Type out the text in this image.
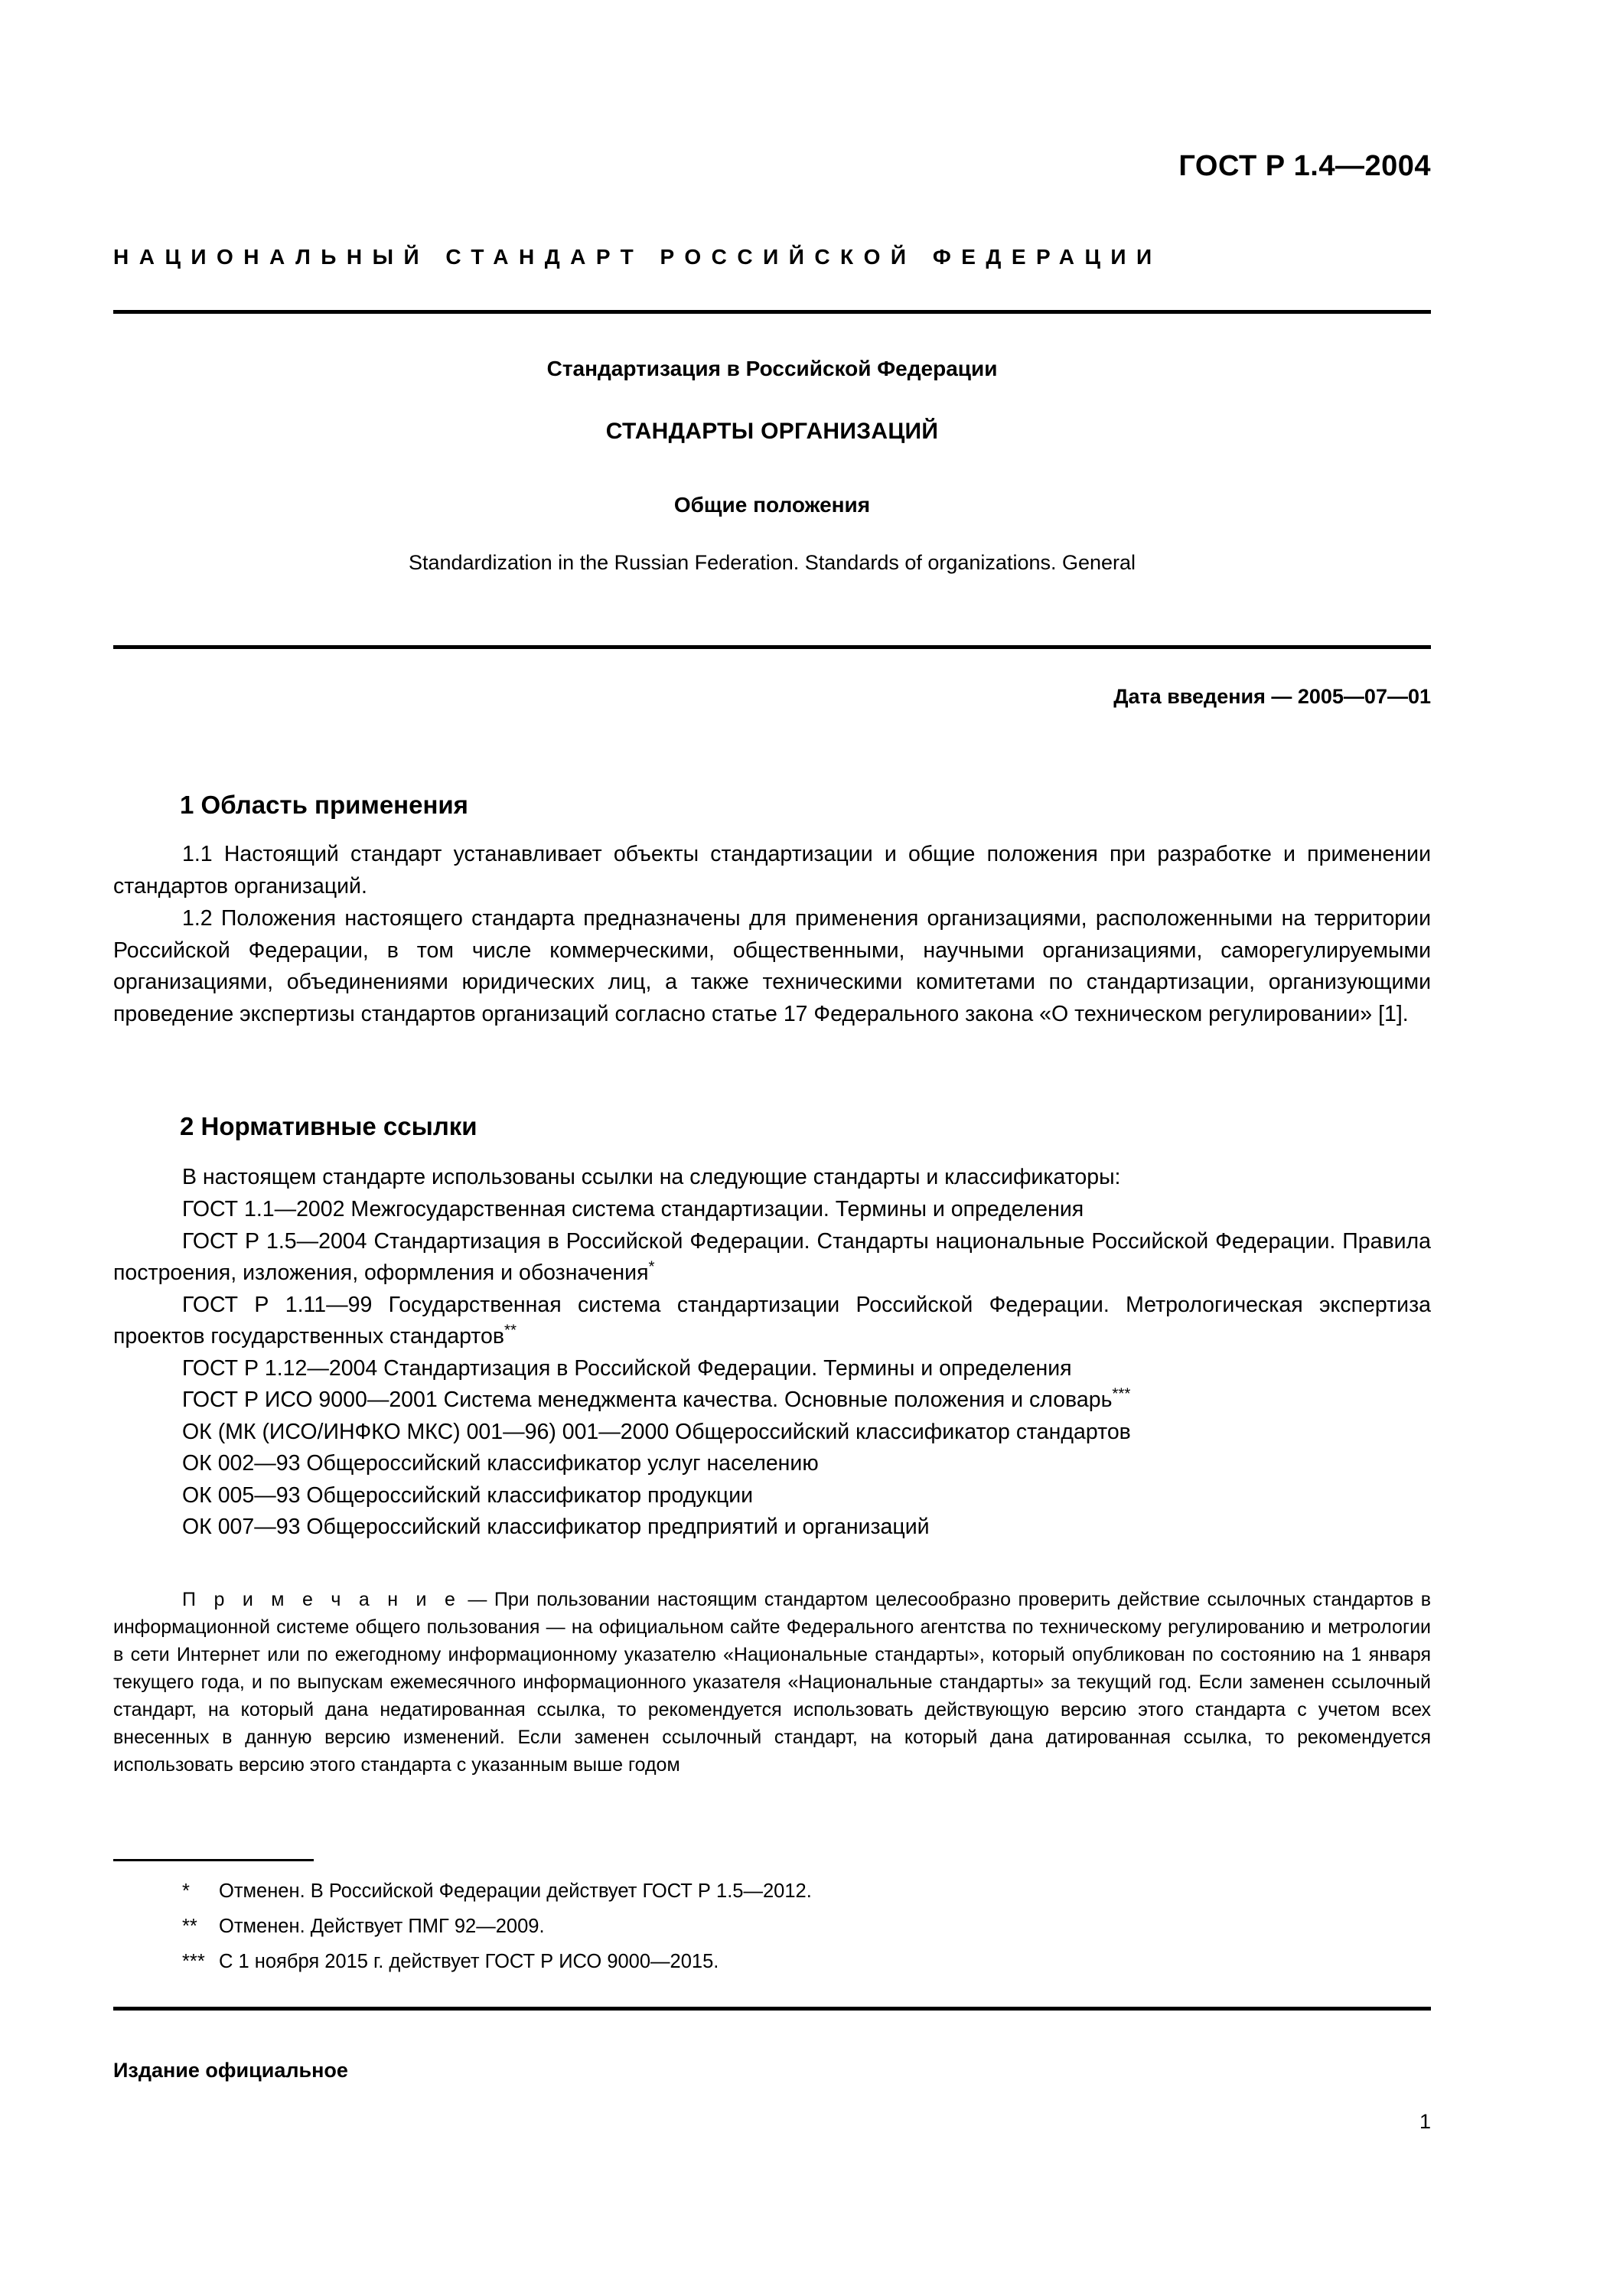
ГОСТ Р 1.4—2004
НАЦИОНАЛЬНЫЙ СТАНДАРТ РОССИЙСКОЙ ФЕДЕРАЦИИ
Стандартизация в Российской Федерации
СТАНДАРТЫ ОРГАНИЗАЦИЙ
Общие положения
Standardization in the Russian Federation. Standards of organizations. General
Дата введения — 2005—07—01
1 Область применения
1.1 Настоящий стандарт устанавливает объекты стандартизации и общие положения при разработке и применении стандартов организаций.
1.2 Положения настоящего стандарта предназначены для применения организациями, расположенными на территории Российской Федерации, в том числе коммерческими, общественными, научными организациями, саморегулируемыми организациями, объединениями юридических лиц, а также техническими комитетами по стандартизации, организующими проведение экспертизы стандартов организаций согласно статье 17 Федерального закона «О техническом регулировании» [1].
2 Нормативные ссылки
В настоящем стандарте использованы ссылки на следующие стандарты и классификаторы:
ГОСТ 1.1—2002 Межгосударственная система стандартизации. Термины и определения
ГОСТ Р 1.5—2004 Стандартизация в Российской Федерации. Стандарты национальные Российской Федерации. Правила построения, изложения, оформления и обозначения*
ГОСТ Р 1.11—99 Государственная система стандартизации Российской Федерации. Метрологическая экспертиза проектов государственных стандартов**
ГОСТ Р 1.12—2004 Стандартизация в Российской Федерации. Термины и определения
ГОСТ Р ИСО 9000—2001 Система менеджмента качества. Основные положения и словарь***
ОК (МК (ИСО/ИНФКО МКС) 001—96) 001—2000 Общероссийский классификатор стандартов
ОК 002—93 Общероссийский классификатор услуг населению
ОК 005—93 Общероссийский классификатор продукции
ОК 007—93 Общероссийский классификатор предприятий и организаций
П р и м е ч а н и е — При пользовании настоящим стандартом целесообразно проверить действие ссылочных стандартов в информационной системе общего пользования — на официальном сайте Федерального агентства по техническому регулированию и метрологии в сети Интернет или по ежегодному информационному указателю «Национальные стандарты», который опубликован по состоянию на 1 января текущего года, и по выпускам ежемесячного информационного указателя «Национальные стандарты» за текущий год. Если заменен ссылочный стандарт, на который дана недатированная ссылка, то рекомендуется использовать действующую версию этого стандарта с учетом всех внесенных в данную версию изменений. Если заменен ссылочный стандарт, на который дана датированная ссылка, то рекомендуется использовать версию этого стандарта с указанным выше годом
* Отменен. В Российской Федерации действует ГОСТ Р 1.5—2012.
** Отменен. Действует ПМГ 92—2009.
*** С 1 ноября 2015 г. действует ГОСТ Р ИСО 9000—2015.
Издание официальное
1
